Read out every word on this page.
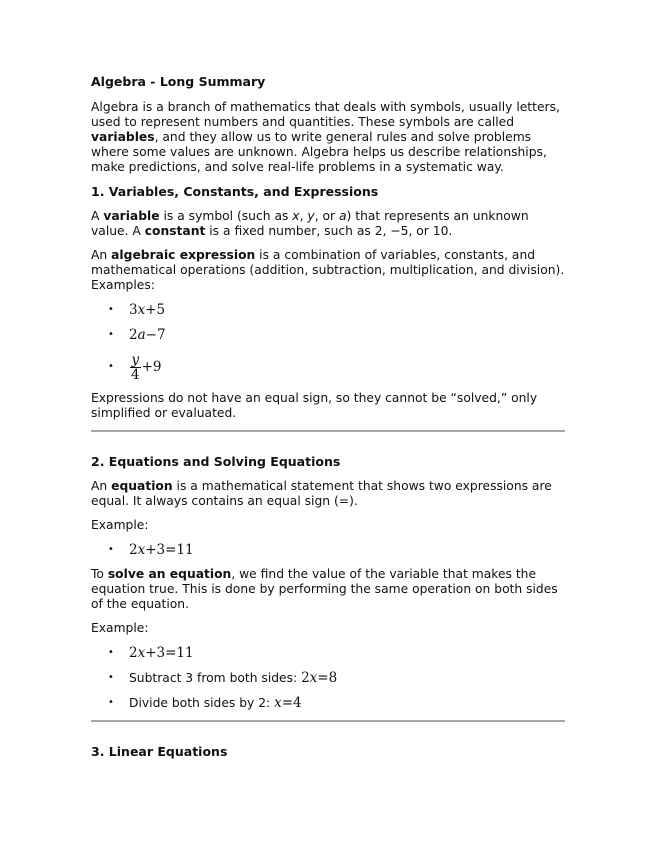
Algebra - Long Summary

Algebra is a branch of mathematics that deals with symbols, usually letters, used to represent numbers and quantities. These symbols are called variables, and they allow us to write general rules and solve problems where some values are unknown. Algebra helps us describe relationships, make predictions, and solve real-life problems in a systematic way.

1. Variables, Constants, and Expressions

A variable is a symbol (such as x, y, or a) that represents an unknown value. A constant is a fixed number, such as 2, −5, or 10.

An algebraic expression is a combination of variables, constants, and mathematical operations (addition, subtraction, multiplication, and division). Examples:

• 3x+5
• 2a−7
• $\frac{y}{4} +9$

Expressions do not have an equal sign, so they cannot be “solved,” only simplified or evaluated.

2. Equations and Solving Equations

An equation is a mathematical statement that shows two expressions are equal. It always contains an equal sign (=).

Example:

• 2x+3=11

To solve an equation, we find the value of the variable that makes the equation true. This is done by performing the same operation on both sides of the equation.

Example:

• 2x+3=11
• Subtract 3 from both sides: 2x=8
• Divide both sides by 2: x=4
3. Linear Equations
